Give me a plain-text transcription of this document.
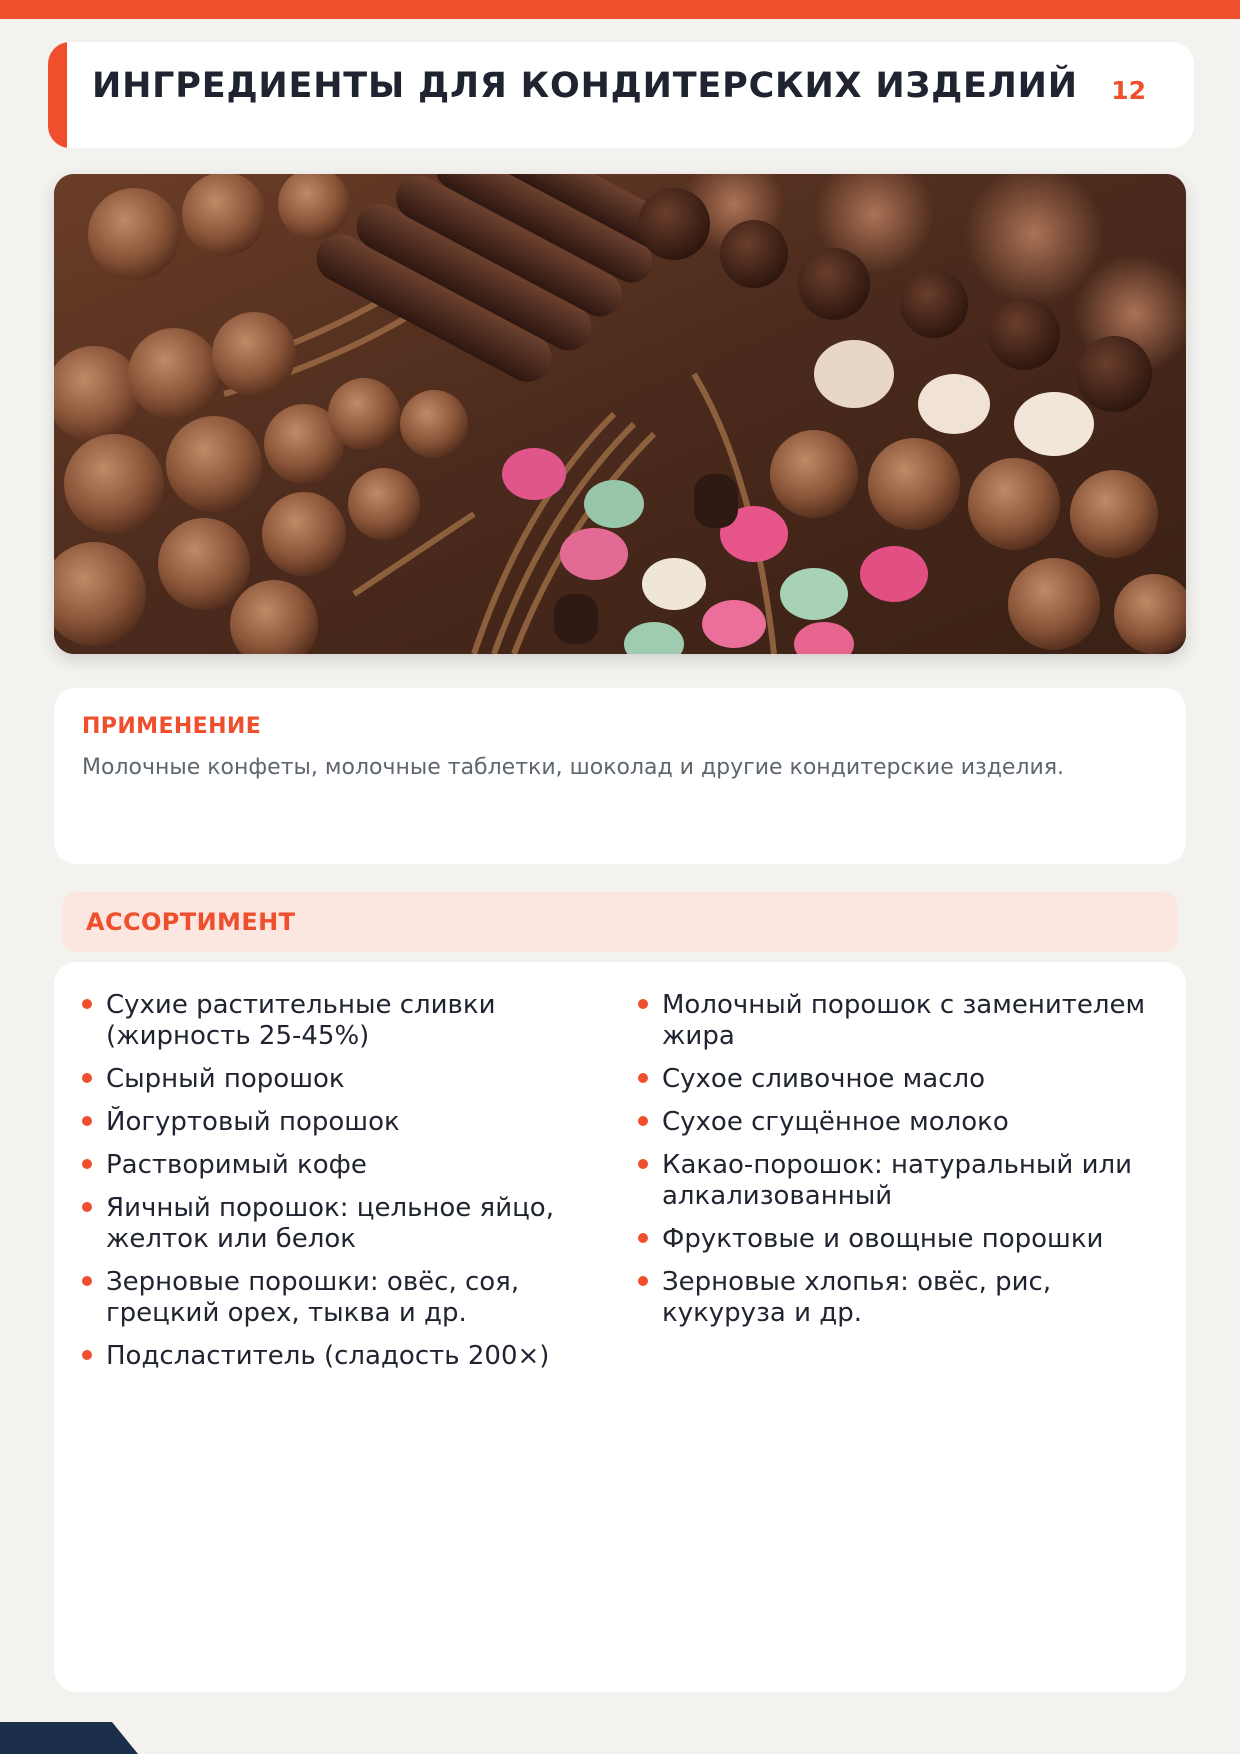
ИНГРЕДИЕНТЫ ДЛЯ КОНДИТЕРСКИХ ИЗДЕЛИЙ 12
ПРИМЕНЕНИЕ
Молочные конфеты, молочные таблетки, шоколад и другие кондитерские изделия.
АССОРТИМЕНТ
Сухие растительные сливки (жирность 25-45%)
Сырный порошок
Йогуртовый порошок
Растворимый кофе
Яичный порошок: цельное яйцо, желток или белок
Зерновые порошки: овёс, соя, грецкий орех, тыква и др.
Подсластитель (сладость 200×)
Молочный порошок с заменителем жира
Сухое сливочное масло
Сухое сгущённое молоко
Какао-порошок: натуральный или алкализованный
Фруктовые и овощные порошки
Зерновые хлопья: овёс, рис, кукуруза и др.
